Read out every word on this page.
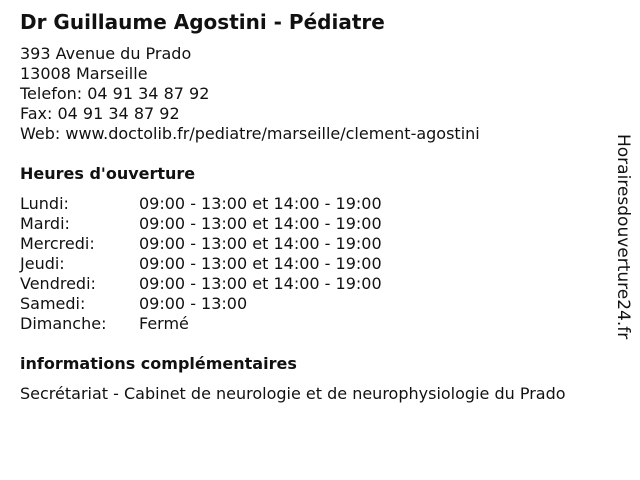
Dr Guillaume Agostini - Pédiatre
393 Avenue du Prado
13008 Marseille
Telefon: 04 91 34 87 92
Fax: 04 91 34 87 92
Web: www.doctolib.fr/pediatre/marseille/clement-agostini
Heures d'ouverture
Lundi:	09:00 - 13:00 et 14:00 - 19:00
Mardi:	09:00 - 13:00 et 14:00 - 19:00
Mercredi:	09:00 - 13:00 et 14:00 - 19:00
Jeudi:	09:00 - 13:00 et 14:00 - 19:00
Vendredi:	09:00 - 13:00 et 14:00 - 19:00
Samedi:	09:00 - 13:00
Dimanche: Fermé
informations complémentaires
Secrétariat - Cabinet de neurologie et de neurophysiologie du Prado
Horairesdouverture24.fr
